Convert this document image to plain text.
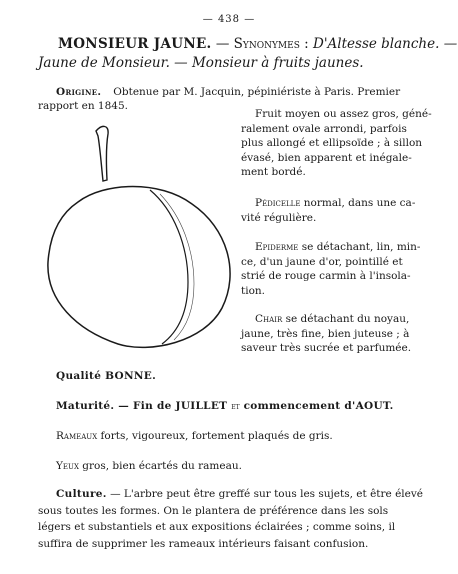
— 438 —
MONSIEUR JAUNE. — Synonymes : D'Altesse blanche. —
Jaune de Monsieur. — Monsieur à fruits jaunes.
Origine. Obtenue par M. Jacquin, pépiniériste à Paris. Premier
rapport en 1845.

Fruit moyen ou assez gros, géné-

ralement ovale arrondi, parfois
plus allongé et ellipsoïde ; à sillon
évasé, bien apparent et inégale-
ment bordé.

Pédicelle normal, dans une ca-

vité régulière.

Epiderme se détachant, lin, min-

ce, d'un jaune d'or, pointillé et
strié de rouge carmin à l'insola-
tion.

Chair se détachant du noyau,

jaune, très fine, bien juteuse ; à
saveur très sucrée et parfumée.
Qualité BONNE.
Maturité. — Fin de JUILLET et commencement d'AOUT.
Rameaux forts, vigoureux, fortement plaqués de gris.
Yeux gros, bien écartés du rameau.

Culture. — L'arbre peut être greffé sur tous les sujets, et être élevé

sous toutes les formes. On le plantera de préférence dans les sols
légers et substantiels et aux expositions éclairées ; comme soins, il
suffira de supprimer les rameaux intérieurs faisant confusion.
